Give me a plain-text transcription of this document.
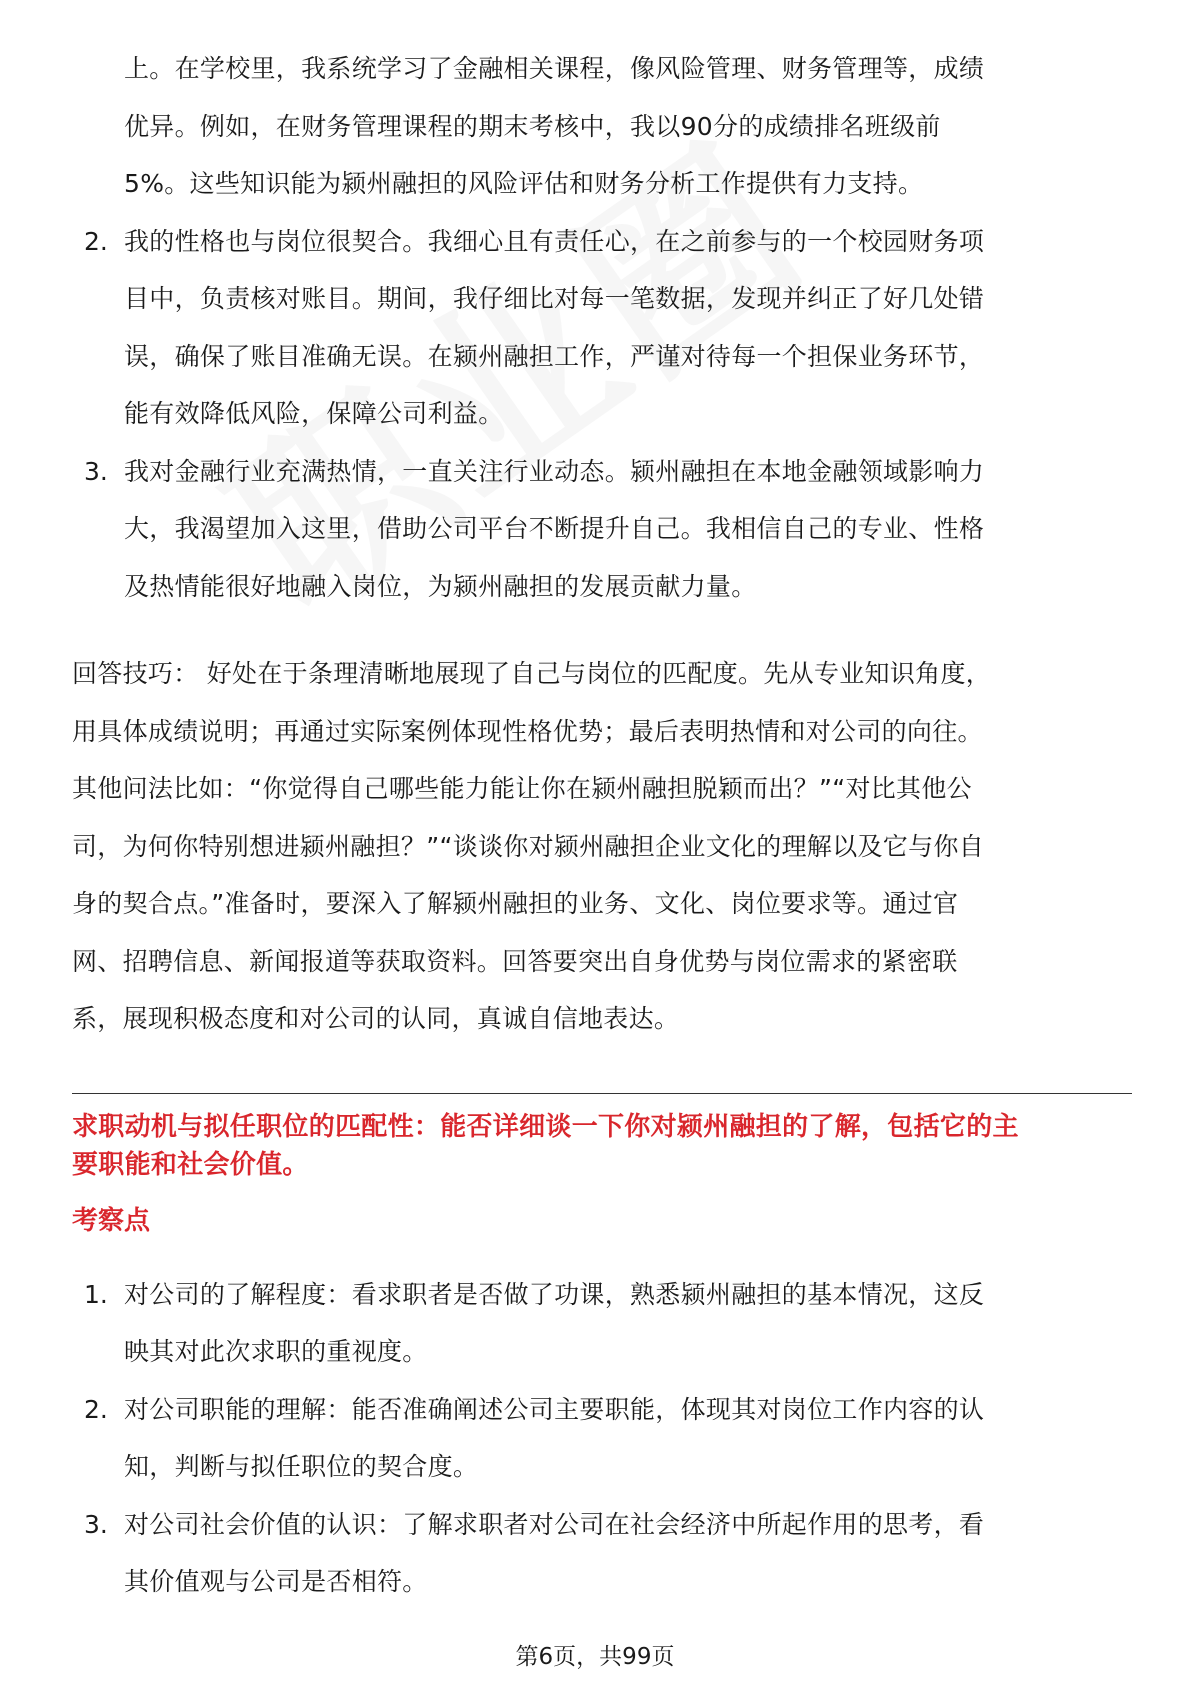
上。在学校里，我系统学习了金融相关课程，像风险管理、财务管理等，成绩
优异。例如，在财务管理课程的期末考核中，我以90分的成绩排名班级前
5%。这些知识能为颍州融担的风险评估和财务分析工作提供有力支持。
2. 我的性格也与岗位很契合。我细心且有责任心，在之前参与的一个校园财务项
目中，负责核对账目。期间，我仔细比对每一笔数据，发现并纠正了好几处错
误，确保了账目准确无误。在颍州融担工作，严谨对待每一个担保业务环节，
能有效降低风险，保障公司利益。
3. 我对金融行业充满热情，一直关注行业动态。颍州融担在本地金融领域影响力
大，我渴望加入这里，借助公司平台不断提升自己。我相信自己的专业、性格
及热情能很好地融入岗位，为颍州融担的发展贡献力量。
回答技巧： 好处在于条理清晰地展现了自己与岗位的匹配度。先从专业知识角度，
用具体成绩说明；再通过实际案例体现性格优势；最后表明热情和对公司的向往。
其他问法比如：“你觉得自己哪些能力能让你在颍州融担脱颖而出？”“对比其他公
司，为何你特别想进颍州融担？”“谈谈你对颍州融担企业文化的理解以及它与你自
身的契合点。”准备时，要深入了解颍州融担的业务、文化、岗位要求等。通过官
网、招聘信息、新闻报道等获取资料。回答要突出自身优势与岗位需求的紧密联
系，展现积极态度和对公司的认同，真诚自信地表达。
求职动机与拟任职位的匹配性：能否详细谈一下你对颍州融担的了解，包括它的主
要职能和社会价值。
考察点
1. 对公司的了解程度：看求职者是否做了功课，熟悉颍州融担的基本情况，这反
映其对此次求职的重视度。
2. 对公司职能的理解：能否准确阐述公司主要职能，体现其对岗位工作内容的认
知，判断与拟任职位的契合度。
3. 对公司社会价值的认识：了解求职者对公司在社会经济中所起作用的思考，看
其价值观与公司是否相符。
第6页，共99页
